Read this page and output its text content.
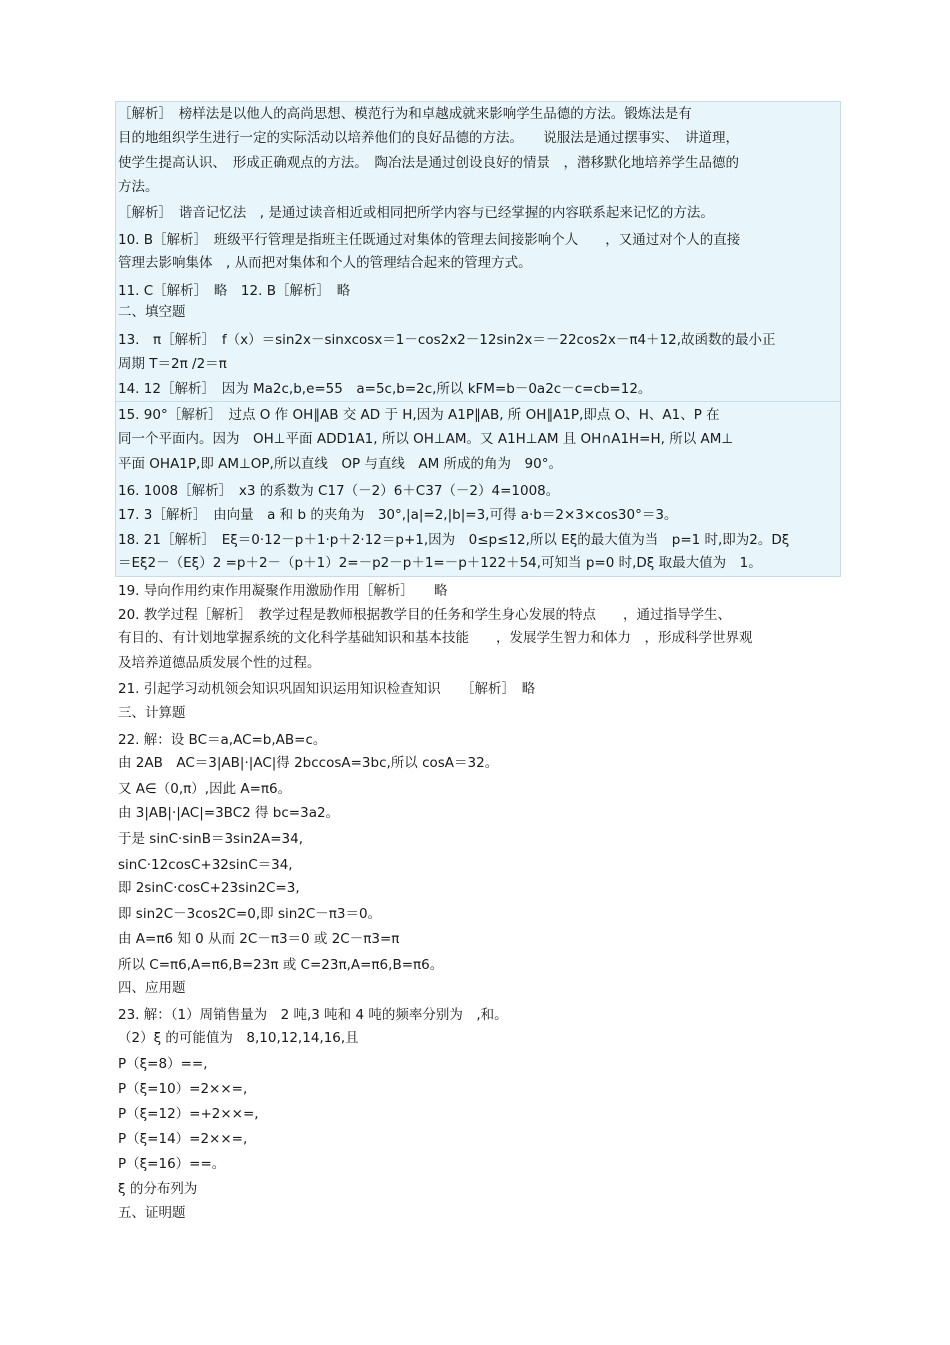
［解析］　榜样法是以他人的高尚思想、模范行为和卓越成就来影响学生品德的方法。锻炼法是有
目的地组织学生进行一定的实际活动以培养他们的良好品德的方法。　　说服法是通过摆事实、　讲道理，
使学生提高认识、　形成正确观点的方法。　陶冶法是通过创设良好的情景　，潜移默化地培养学生品德的
方法。
［解析］　谐音记忆法　, 是通过读音相近或相同把所学内容与已经掌握的内容联系起来记忆的方法。
10. B［解析］　班级平行管理是指班主任既通过对集体的管理去间接影响个人　　，又通过对个人的直接
管理去影响集体　, 从而把对集体和个人的管理结合起来的管理方式。
11. C［解析］　略　12. B［解析］　略
二、填空题
13.　π［解析］　f（x）＝sin2x－sinxcosx＝1－cos2x2－12sin2x＝－22cos2x－π4＋12,故函数的最小正
周期 T＝2π /2＝π
14. 12［解析］　因为 Ma2c,b,e=55　a=5c,b=2c,所以 kFM=b－0a2c－c=cb=12。
15. 90°［解析］　过点 O 作 OH∥AB 交 AD 于 H,因为 A1P∥AB, 所 OH∥A1P,即点 O、H、A1、P 在
同一个平面内。因为　OH⊥平面 ADD1A1, 所以 OH⊥AM。又 A1H⊥AM 且 OH∩A1H=H, 所以 AM⊥
平面 OHA1P,即 AM⊥OP,所以直线　OP 与直线　AM 所成的角为　90°。
16. 1008［解析］　x3 的系数为 C17（－2）6＋C37（－2）4=1008。
17. 3［解析］　由向量　a 和 b 的夹角为　30°,|a|=2,|b|=3,可得 a·b＝2×3×cos30°＝3。
18. 21［解析］　Eξ＝0·12－p＋1·p＋2·12＝p+1,因为　0≤p≤12,所以 Eξ的最大值为当　p=1 时,即为2。Dξ
＝Eξ2－（Eξ）2 =p＋2－（p＋1）2=－p2－p＋1=－p＋122＋54,可知当 p=0 时,Dξ 取最大值为　1。
19. 导向作用约束作用凝聚作用激励作用［解析］　　略
20. 教学过程［解析］　教学过程是教师根据教学目的任务和学生身心发展的特点　　，通过指导学生、
有目的、有计划地掌握系统的文化科学基础知识和基本技能　　，发展学生智力和体力　，形成科学世界观
及培养道德品质发展个性的过程。
21. 引起学习动机领会知识巩固知识运用知识检查知识　　［解析］　略
三、计算题
22. 解：设 BC＝a,AC=b,AB=c。
由 2AB　AC＝3|AB|·|AC|得 2bccosA=3bc,所以 cosA＝32。
又 A∈（0,π）,因此 A=π6。
由 3|AB|·|AC|=3BC2 得 bc=3a2。
于是 sinC·sinB＝3sin2A=34,
sinC·12cosC+32sinC＝34,
即 2sinC·cosC+23sin2C=3,
即 sin2C－3cos2C=0,即 sin2C－π3＝0。
由 A=π6 知 0 从而 2C－π3＝0 或 2C－π3=π
所以 C=π6,A=π6,B=23π 或 C=23π,A=π6,B=π6。
四、应用题
23. 解：（1）周销售量为　2 吨,3 吨和 4 吨的频率分别为　,和。
（2）ξ 的可能值为　8,10,12,14,16,且
P（ξ=8）==,
P（ξ=10）=2××=,
P（ξ=12）=+2××=,
P（ξ=14）=2××=,
P（ξ=16）==。
ξ 的分布列为
五、证明题
